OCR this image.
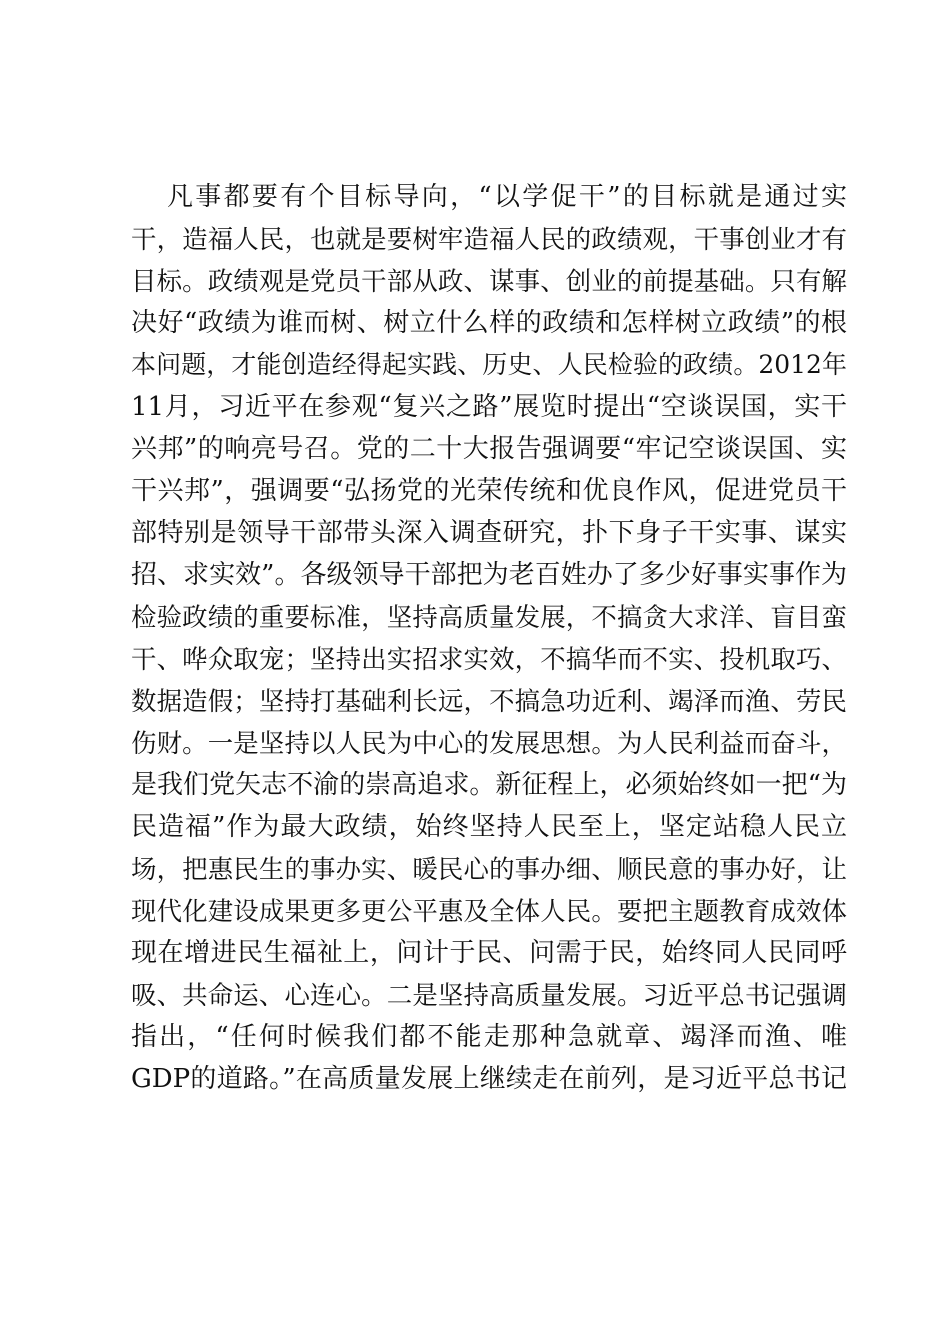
凡事都要有个目标导向，“以学促干”的目标就是通过实
干，造福人民，也就是要树牢造福人民的政绩观，干事创业才有
目标。政绩观是党员干部从政、谋事、创业的前提基础。只有解
决好“政绩为谁而树、树立什么样的政绩和怎样树立政绩”的根
本问题，才能创造经得起实践、历史、人民检验的政绩。2012年
11月，习近平在参观“复兴之路”展览时提出“空谈误国，实干
兴邦”的响亮号召。党的二十大报告强调要“牢记空谈误国、实
干兴邦”，强调要“弘扬党的光荣传统和优良作风，促进党员干
部特别是领导干部带头深入调查研究，扑下身子干实事、谋实
招、求实效”。各级领导干部把为老百姓办了多少好事实事作为
检验政绩的重要标准，坚持高质量发展，不搞贪大求洋、盲目蛮
干、哗众取宠；坚持出实招求实效，不搞华而不实、投机取巧、
数据造假；坚持打基础利长远，不搞急功近利、竭泽而渔、劳民
伤财。一是坚持以人民为中心的发展思想。为人民利益而奋斗，
是我们党矢志不渝的崇高追求。新征程上，必须始终如一把“为
民造福”作为最大政绩，始终坚持人民至上，坚定站稳人民立
场，把惠民生的事办实、暖民心的事办细、顺民意的事办好，让
现代化建设成果更多更公平惠及全体人民。要把主题教育成效体
现在增进民生福祉上，问计于民、问需于民，始终同人民同呼
吸、共命运、心连心。二是坚持高质量发展。习近平总书记强调
指出，“任何时候我们都不能走那种急就章、竭泽而渔、唯
GDP的道路。”在高质量发展上继续走在前列，是习近平总书记
